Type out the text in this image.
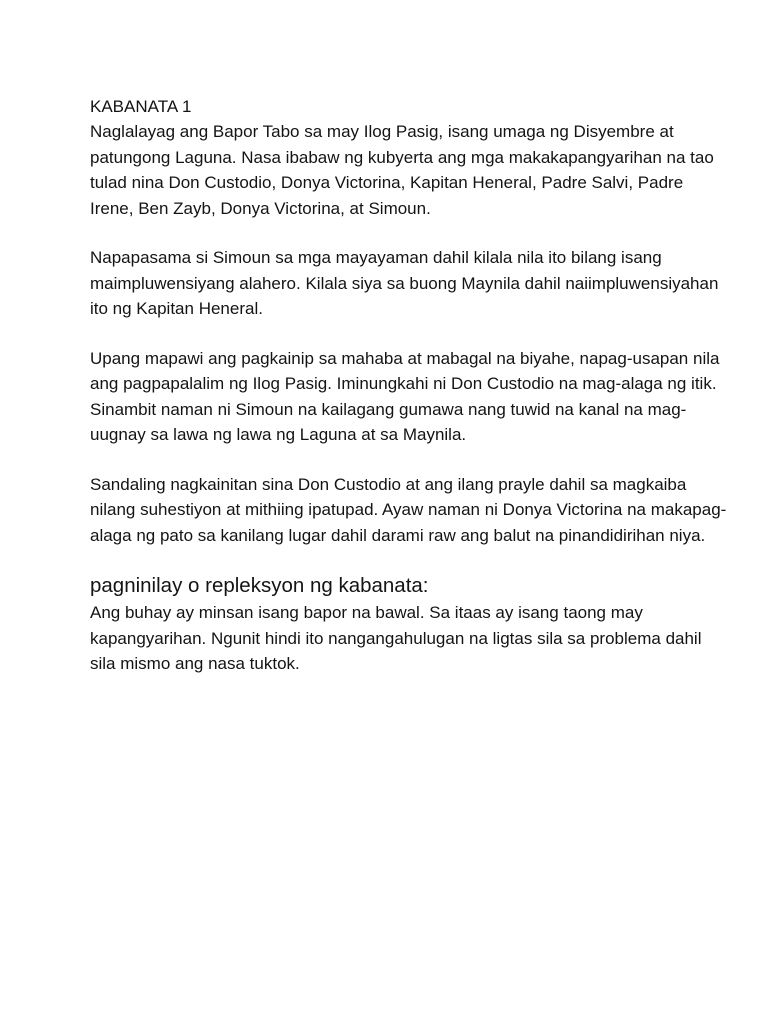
KABANATA 1

Naglalayag ang Bapor Tabo sa may Ilog Pasig, isang umaga ng Disyembre at patungong Laguna. Nasa ibabaw ng kubyerta ang mga makakapangyarihan na tao tulad nina Don Custodio, Donya Victorina, Kapitan Heneral, Padre Salvi, Padre Irene, Ben Zayb, Donya Victorina, at Simoun.

Napapasama si Simoun sa mga mayayaman dahil kilala nila ito bilang isang maimpluwensiyang alahero. Kilala siya sa buong Maynila dahil naiimpluwensiyahan ito ng Kapitan Heneral.

Upang mapawi ang pagkainip sa mahaba at mabagal na biyahe, napag-usapan nila ang pagpapalalim ng Ilog Pasig. Iminungkahi ni Don Custodio na mag-alaga ng itik. Sinambit naman ni Simoun na kailagang gumawa nang tuwid na kanal na mag-uugnay sa lawa ng lawa ng Laguna at sa Maynila.

Sandaling nagkainitan sina Don Custodio at ang ilang prayle dahil sa magkaiba nilang suhestiyon at mithiing ipatupad. Ayaw naman ni Donya Victorina na makapag-alaga ng pato sa kanilang lugar dahil darami raw ang balut na pinandidirihan niya.

pagninilay o repleksyon ng kabanata:

Ang buhay ay minsan isang bapor na bawal. Sa itaas ay isang taong may kapangyarihan. Ngunit hindi ito nangangahulugan na ligtas sila sa problema dahil sila mismo ang nasa tuktok.
